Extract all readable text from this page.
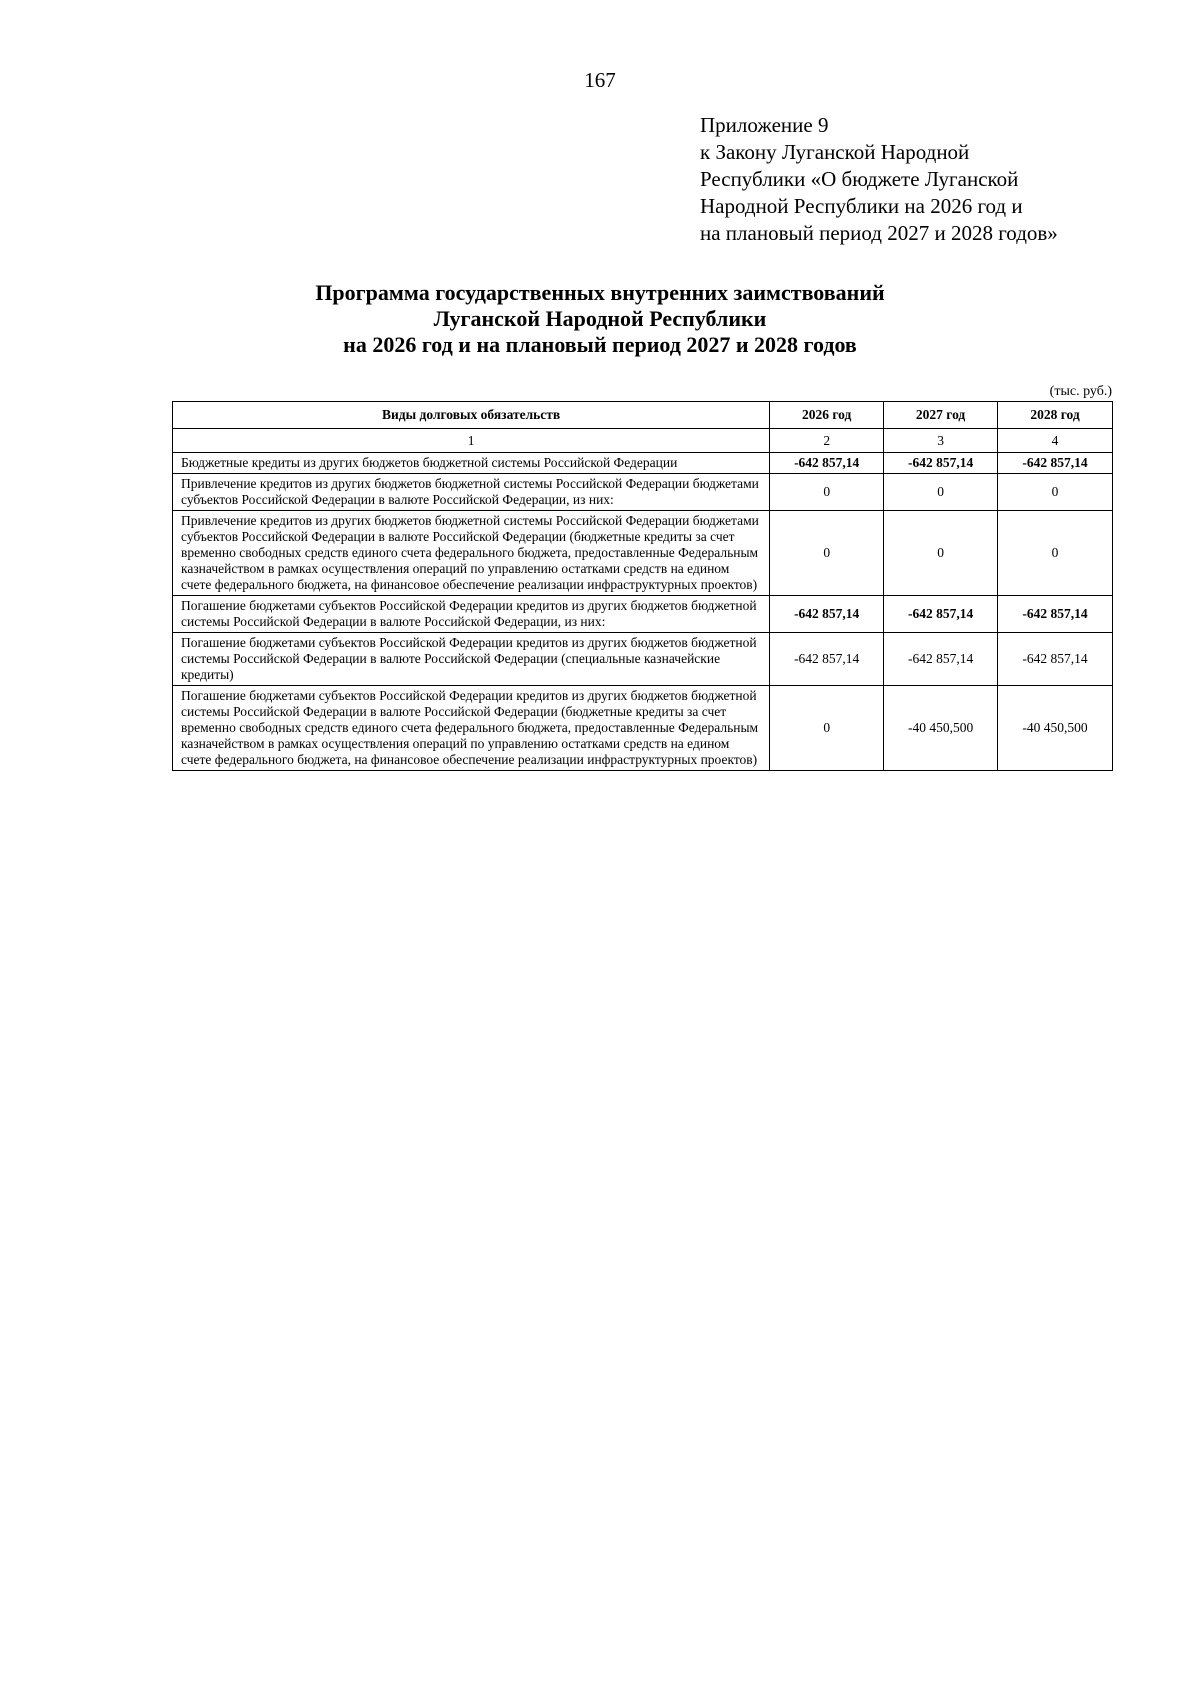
167
Приложение 9
к Закону Луганской Народной
Республики «О бюджете Луганской
Народной Республики на 2026 год и
на плановый период 2027 и 2028 годов»
Программа государственных внутренних заимствований
Луганской Народной Республики
на 2026 год и на плановый период 2027 и 2028 годов
(тыс. руб.)
Виды долговых обязательств	2026 год	2027 год	2028 год
1	2	3	4
Бюджетные кредиты из других бюджетов бюджетной системы Российской Федерации	-642 857,14	-642 857,14	-642 857,14
Привлечение кредитов из других бюджетов бюджетной системы Российской Федерации бюджетами субъектов Российской Федерации в валюте Российской Федерации, из них:	0	0	0
Привлечение кредитов из других бюджетов бюджетной системы Российской Федерации бюджетами субъектов Российской Федерации в валюте Российской Федерации (бюджетные кредиты за счет временно свободных средств единого счета федерального бюджета, предоставленные Федеральным казначейством в рамках осуществления операций по управлению остатками средств на едином счете федерального бюджета, на финансовое обеспечение реализации инфраструктурных проектов)	0	0	0
Погашение бюджетами субъектов Российской Федерации кредитов из других бюджетов бюджетной системы Российской Федерации в валюте Российской Федерации, из них:	-642 857,14	-642 857,14	-642 857,14
Погашение бюджетами субъектов Российской Федерации кредитов из других бюджетов бюджетной системы Российской Федерации в валюте Российской Федерации (специальные казначейские кредиты)	-642 857,14	-642 857,14	-642 857,14
Погашение бюджетами субъектов Российской Федерации кредитов из других бюджетов бюджетной системы Российской Федерации в валюте Российской Федерации (бюджетные кредиты за счет временно свободных средств единого счета федерального бюджета, предоставленные Федеральным казначейством в рамках осуществления операций по управлению остатками средств на едином счете федерального бюджета, на финансовое обеспечение реализации инфраструктурных проектов)	0	-40 450,500	-40 450,500
